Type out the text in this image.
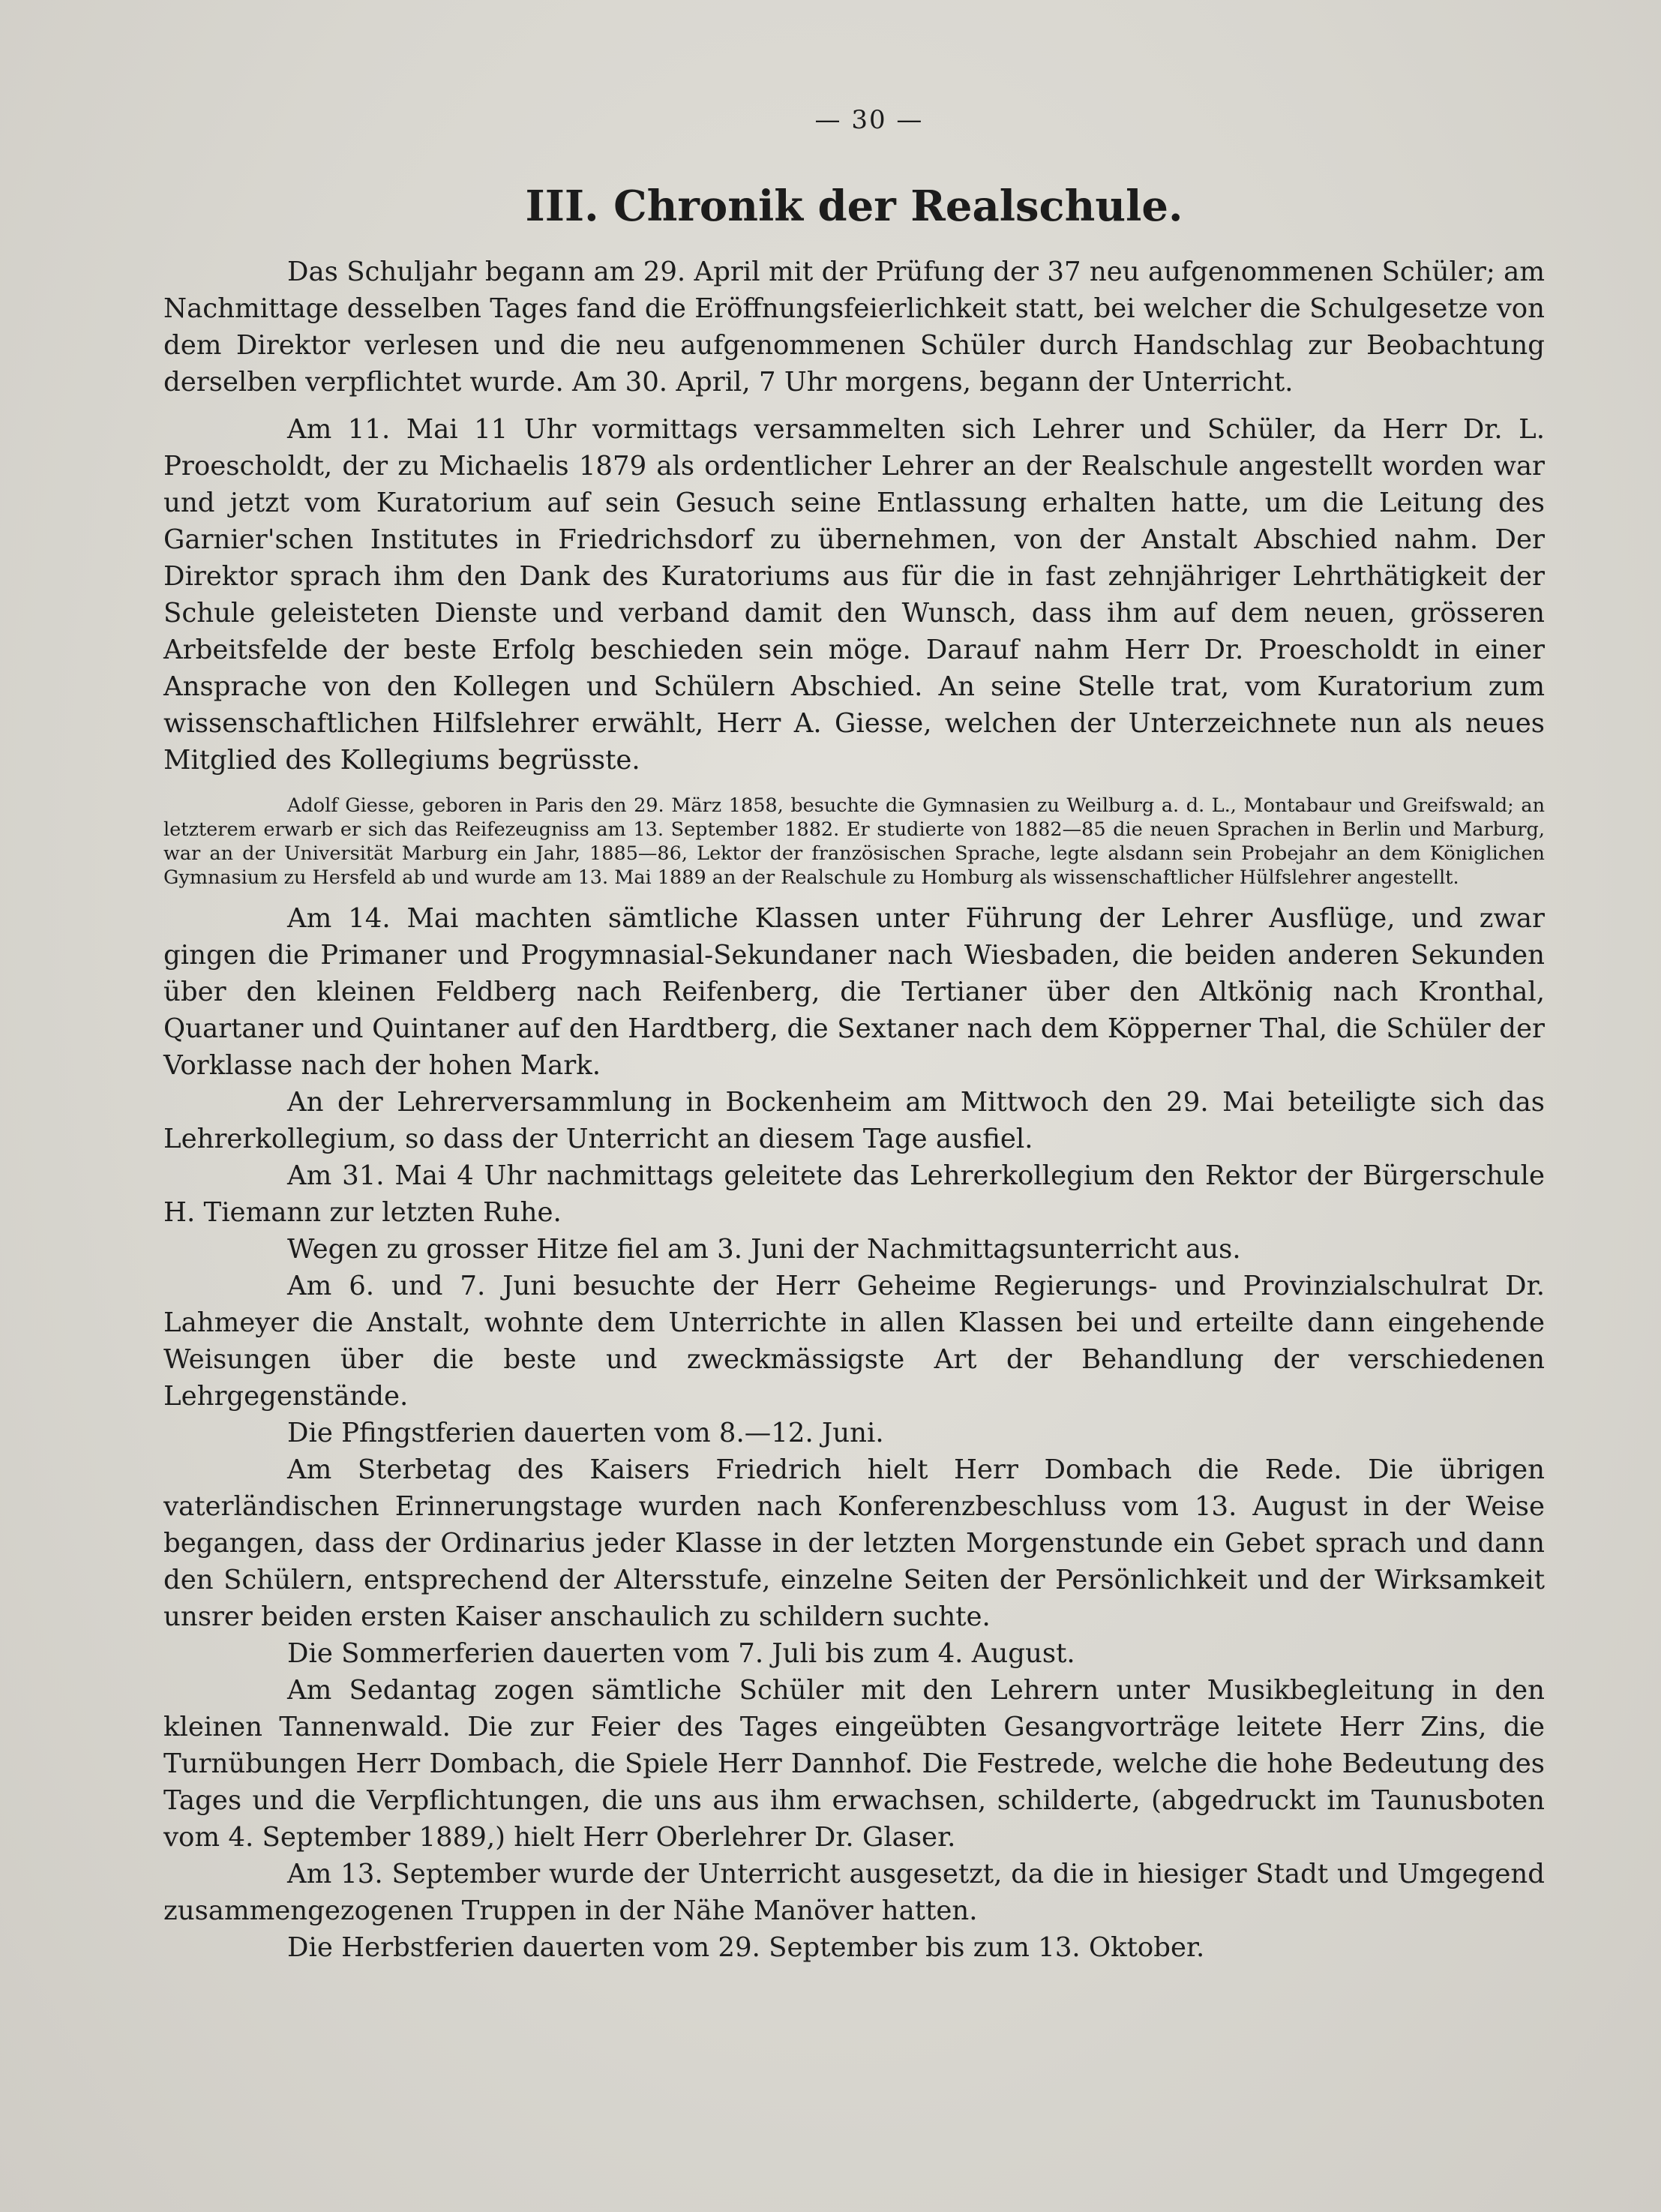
— 30 —
III. Chronik der Realschule.

Das Schuljahr begann am 29. April mit der Prüfung der 37 neu aufgenommenen Schüler; am Nachmittage desselben Tages fand die Eröffnungsfeierlichkeit statt, bei welcher die Schulgesetze von dem Direktor verlesen und die neu aufgenommenen Schüler durch Handschlag zur Beobachtung derselben verpflichtet wurde. Am 30. April, 7 Uhr morgens, begann der Unterricht.

Am 11. Mai 11 Uhr vormittags versammelten sich Lehrer und Schüler, da Herr Dr. L. Proescholdt, der zu Michaelis 1879 als ordentlicher Lehrer an der Realschule angestellt worden war und jetzt vom Kuratorium auf sein Gesuch seine Entlassung erhalten hatte, um die Leitung des Garnier'schen Institutes in Friedrichsdorf zu übernehmen, von der Anstalt Abschied nahm. Der Direktor sprach ihm den Dank des Kuratoriums aus für die in fast zehnjähriger Lehrthätigkeit der Schule geleisteten Dienste und verband damit den Wunsch, dass ihm auf dem neuen, grösseren Arbeitsfelde der beste Erfolg beschieden sein möge. Darauf nahm Herr Dr. Proescholdt in einer Ansprache von den Kollegen und Schülern Abschied. An seine Stelle trat, vom Kuratorium zum wissenschaftlichen Hilfslehrer erwählt, Herr A. Giesse, welchen der Unterzeichnete nun als neues Mitglied des Kollegiums begrüsste.

Adolf Giesse, geboren in Paris den 29. März 1858, besuchte die Gymnasien zu Weilburg a. d. L., Montabaur und Greifswald; an letzterem erwarb er sich das Reifezeugniss am 13. September 1882. Er studierte von 1882—85 die neuen Sprachen in Berlin und Marburg, war an der Universität Marburg ein Jahr, 1885—86, Lektor der französischen Sprache, legte alsdann sein Probejahr an dem Königlichen Gymnasium zu Hersfeld ab und wurde am 13. Mai 1889 an der Realschule zu Homburg als wissenschaftlicher Hülfslehrer angestellt.

Am 14. Mai machten sämtliche Klassen unter Führung der Lehrer Ausflüge, und zwar gingen die Primaner und Progymnasial-Sekundaner nach Wiesbaden, die beiden anderen Sekunden über den kleinen Feldberg nach Reifenberg, die Tertianer über den Altkönig nach Kronthal, Quartaner und Quintaner auf den Hardtberg, die Sextaner nach dem Köpperner Thal, die Schüler der Vorklasse nach der hohen Mark.

An der Lehrerversammlung in Bockenheim am Mittwoch den 29. Mai beteiligte sich das Lehrerkollegium, so dass der Unterricht an diesem Tage ausfiel.

Am 31. Mai 4 Uhr nachmittags geleitete das Lehrerkollegium den Rektor der Bürgerschule H. Tiemann zur letzten Ruhe.

Wegen zu grosser Hitze fiel am 3. Juni der Nachmittagsunterricht aus.

Am 6. und 7. Juni besuchte der Herr Geheime Regierungs- und Provinzialschulrat Dr. Lahmeyer die Anstalt, wohnte dem Unterrichte in allen Klassen bei und erteilte dann eingehende Weisungen über die beste und zweckmässigste Art der Behandlung der verschiedenen Lehrgegenstände.

Die Pfingstferien dauerten vom 8.—12. Juni.

Am Sterbetag des Kaisers Friedrich hielt Herr Dombach die Rede. Die übrigen vaterländischen Erinnerungstage wurden nach Konferenzbeschluss vom 13. August in der Weise begangen, dass der Ordinarius jeder Klasse in der letzten Morgenstunde ein Gebet sprach und dann den Schülern, entsprechend der Altersstufe, einzelne Seiten der Persönlichkeit und der Wirksamkeit unsrer beiden ersten Kaiser anschaulich zu schildern suchte.

Die Sommerferien dauerten vom 7. Juli bis zum 4. August.

Am Sedantag zogen sämtliche Schüler mit den Lehrern unter Musikbegleitung in den kleinen Tannenwald. Die zur Feier des Tages eingeübten Gesangvorträge leitete Herr Zins, die Turnübungen Herr Dombach, die Spiele Herr Dannhof. Die Festrede, welche die hohe Bedeutung des Tages und die Verpflichtungen, die uns aus ihm erwachsen, schilderte, (abgedruckt im Taunusboten vom 4. September 1889,) hielt Herr Oberlehrer Dr. Glaser.

Am 13. September wurde der Unterricht ausgesetzt, da die in hiesiger Stadt und Umgegend zusammengezogenen Truppen in der Nähe Manöver hatten.

Die Herbstferien dauerten vom 29. September bis zum 13. Oktober.
